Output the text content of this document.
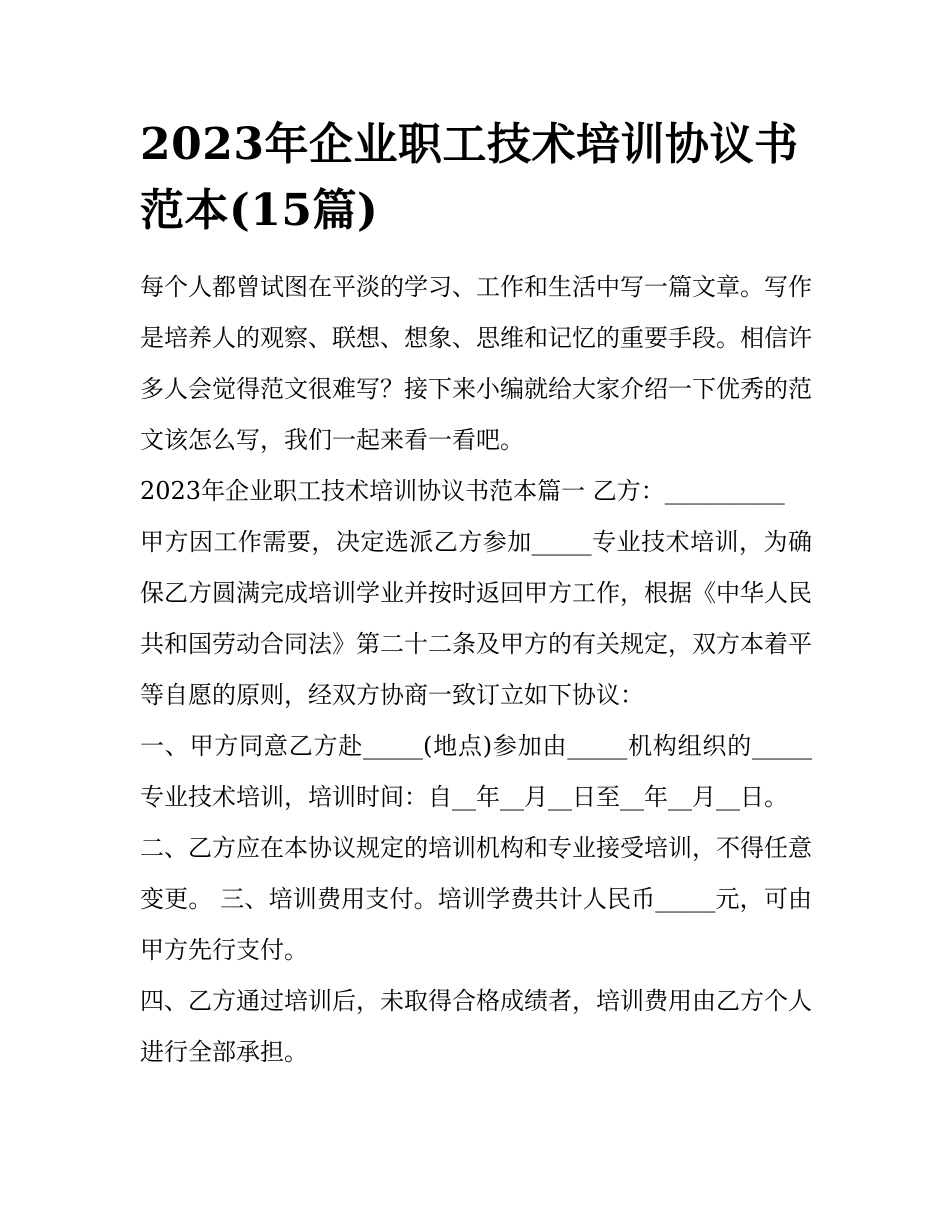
2023年企业职工技术培训协议书范本(15篇)

每个人都曾试图在平淡的学习、工作和生活中写一篇文章。写作是培养人的观察、联想、想象、思维和记忆的重要手段。相信许多人会觉得范文很难写？接下来小编就给大家介绍一下优秀的范文该怎么写，我们一起来看一看吧。

2023年企业职工技术培训协议书范本篇一 乙方：__________

甲方因工作需要，决定选派乙方参加_____专业技术培训，为确保乙方圆满完成培训学业并按时返回甲方工作，根据《中华人民共和国劳动合同法》第二十二条及甲方的有关规定，双方本着平等自愿的原则，经双方协商一致订立如下协议：

一、甲方同意乙方赴_____(地点)参加由_____机构组织的_____专业技术培训，培训时间：自__年__月__日至__年__月__日。

二、乙方应在本协议规定的培训机构和专业接受培训，不得任意变更。 三、培训费用支付。培训学费共计人民币_____元，可由甲方先行支付。

四、乙方通过培训后，未取得合格成绩者，培训费用由乙方个人进行全部承担。
